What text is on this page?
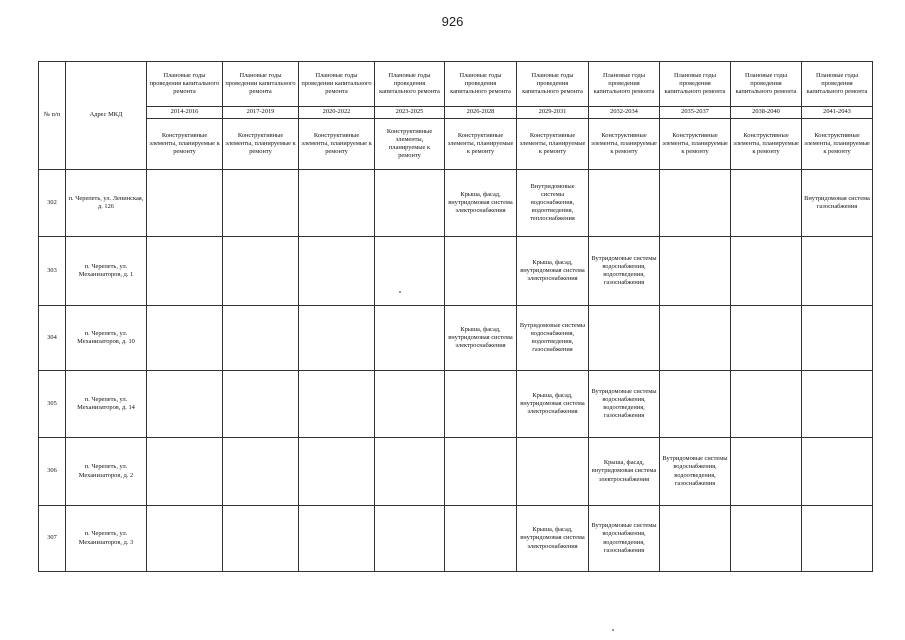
926
№ п/п	Адрес МКД	Плановые годы проведения капитального ремонта	Плановые годы проведении капитального ремонта	Плановые годы проведении капитального ремонта	Плановые годы проведения капитального ремонта	Плановые годы проведения капитального ремонта	Плановые годы проведения капитального ремонта	Плановые годы проведения капитального ремонта	Плановые годы проведения капитального ремонта	Плановые годы проведения капитального ремонта	Плановые годы проведения капитального ремонта
		2014-2016	2017-2019	2020-2022	2023-2025	2026-2028	2029-2031	2032-2034	2035-2037	2038-2040	2041-2043
		Конструктивные элементы, планируемые к ремонту	Конструктивные элементы, планируемые к ремонту	Конструктивные элементы, планируемые к ремонту	Конструктивные элементы, планируемые к ремонту	Конструктивные элементы, планируемые к ремонту	Конструктивные элементы, планируемые к ремонту	Конструктивные элементы, планируемые к ремонту	Конструктивные элементы, планируемые к ремонту	Конструктивные элементы, планируемые к ремонту	Конструктивные элементы, планируемые к ремонту
302	п. Черепеть, ул. Ленинская, д. 126					Крыша, фасад, внутридомовая система электроснабжения	Внутридомовые системы водоснабжения, водоотведения, теплоснабжения				Внутридомовая система газоснабжения
303	п. Черепеть, ул. Механизаторов, д. 1						Крыша, фасад, внутридомовая система электроснабжения	Вутридомовые системы водоснабжения, водоотведения, газоснабжения			
304	п. Черепеть, ул. Механизаторов, д. 10					Крыша, фасад, внутридомовая система электроснабжения	Вутридомовые системы водоснабжения, водоотведения, газоснабжения				
305	п. Черепеть, ул. Механизаторов, д. 14						Крыша, фасад, внутридомовая система электроснабжения	Вутридомовые системы водоснабжения, водоотведения, газоснабжения			
306	п. Черепеть, ул. Механизаторов, д. 2							Крыша, фасад, внутридомовая система электроснабжения	Вутридомовые системы водоснабжения, водоотведения, газоснабжения		
307	п. Черепеть, ул. Механизаторов, д. 3						Крыша, фасад, внутридомовая система электроснабжения	Вутридомовые системы водоснабжения, водоотведения, газоснабжения			
